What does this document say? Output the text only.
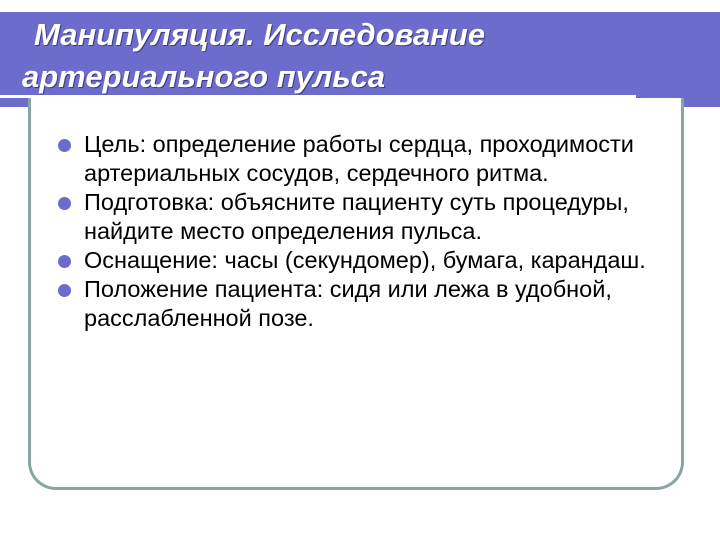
Манипуляция. Исследование
артериального пульса
Цель: определение работы сердца, проходимости артериальных сосудов, сердечного ритма.
Подготовка: объясните пациенту суть процедуры, найдите место определения пульса.
Оснащение: часы (секундомер), бумага, карандаш.
Положение пациента: сидя или лежа в удобной, расслабленной позе.
